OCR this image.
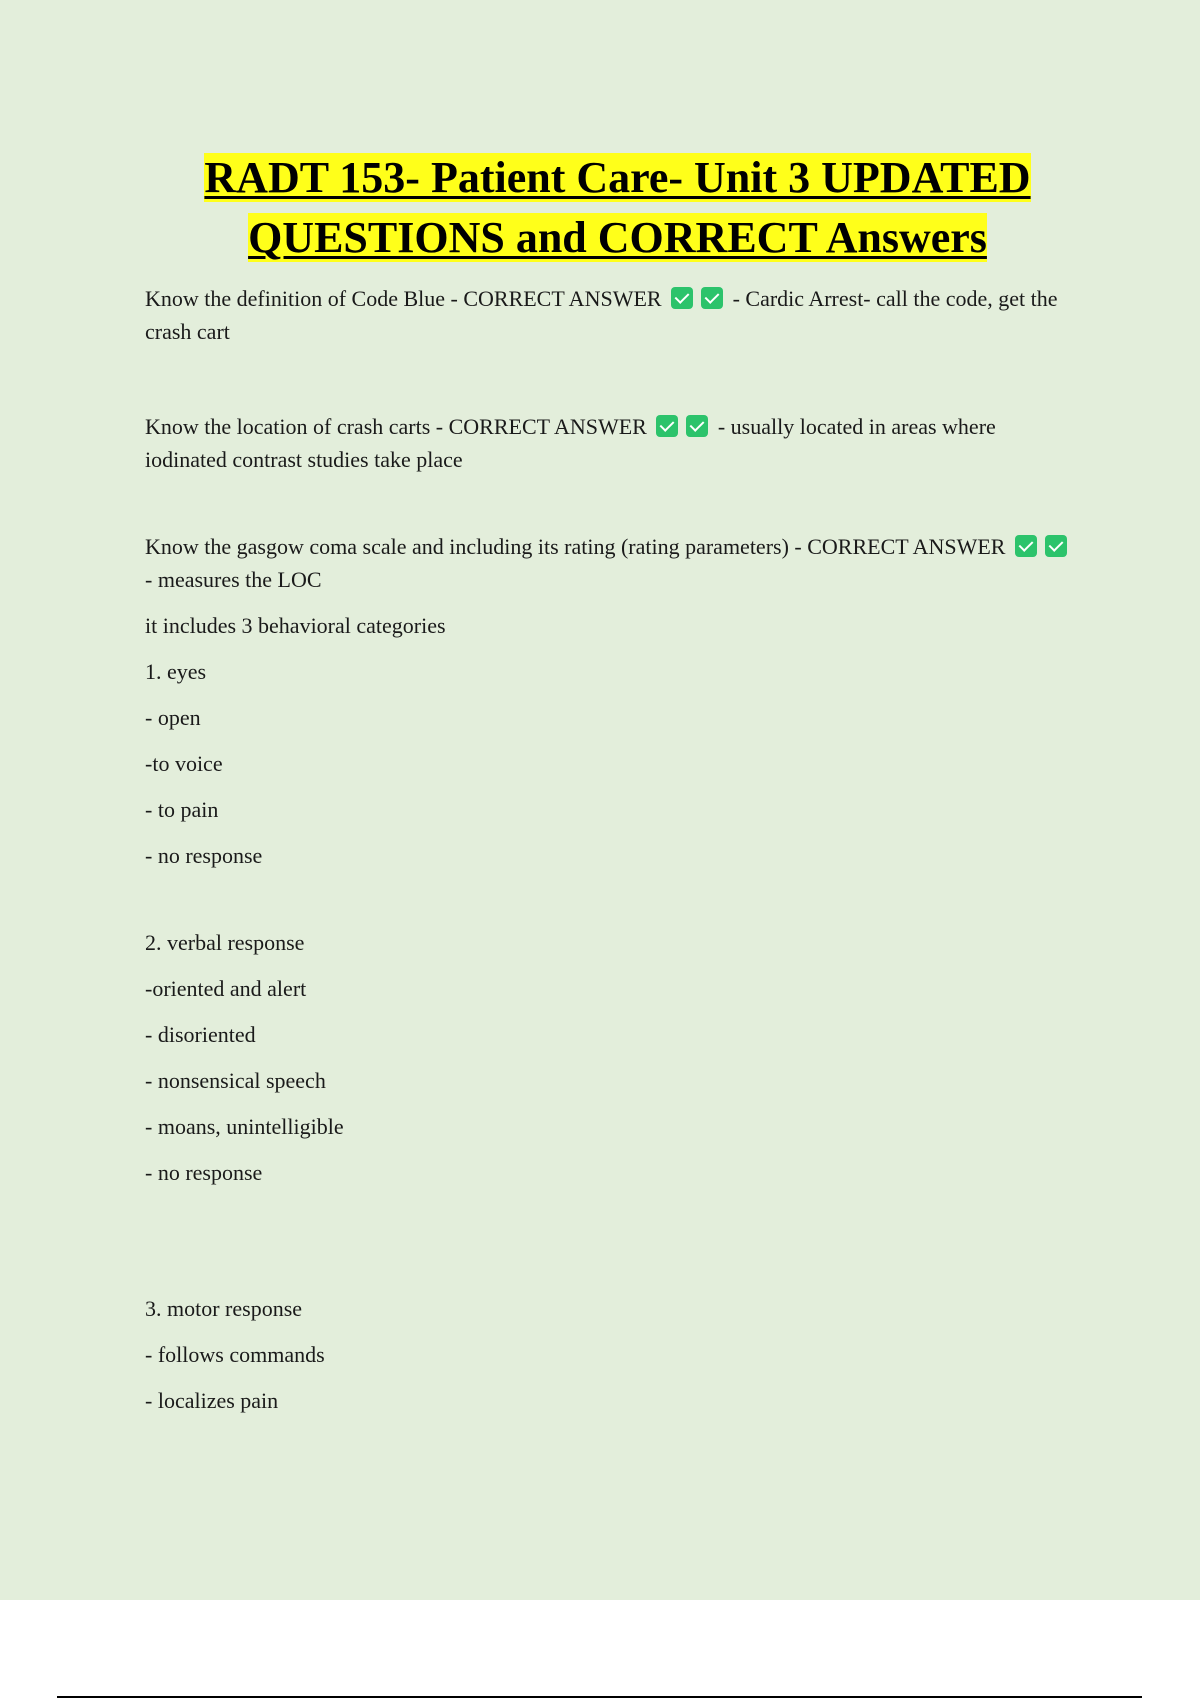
RADT 153- Patient Care- Unit 3 UPDATED
QUESTIONS and CORRECT Answers

Know the definition of Code Blue - CORRECT ANSWER	- Cardic Arrest- call the code, get the crash cart

Know the location of crash carts - CORRECT ANSWER	- usually located in areas where iodinated contrast studies take place

Know the gasgow coma scale and including its rating (rating parameters) - CORRECT ANSWER  - measures the LOC

it includes 3 behavioral categories

1. eyes

- open

-to voice

- to pain

- no response

2. verbal response

-oriented and alert

- disoriented

- nonsensical speech

- moans, unintelligible

- no response

3. motor response

- follows commands

- localizes pain
